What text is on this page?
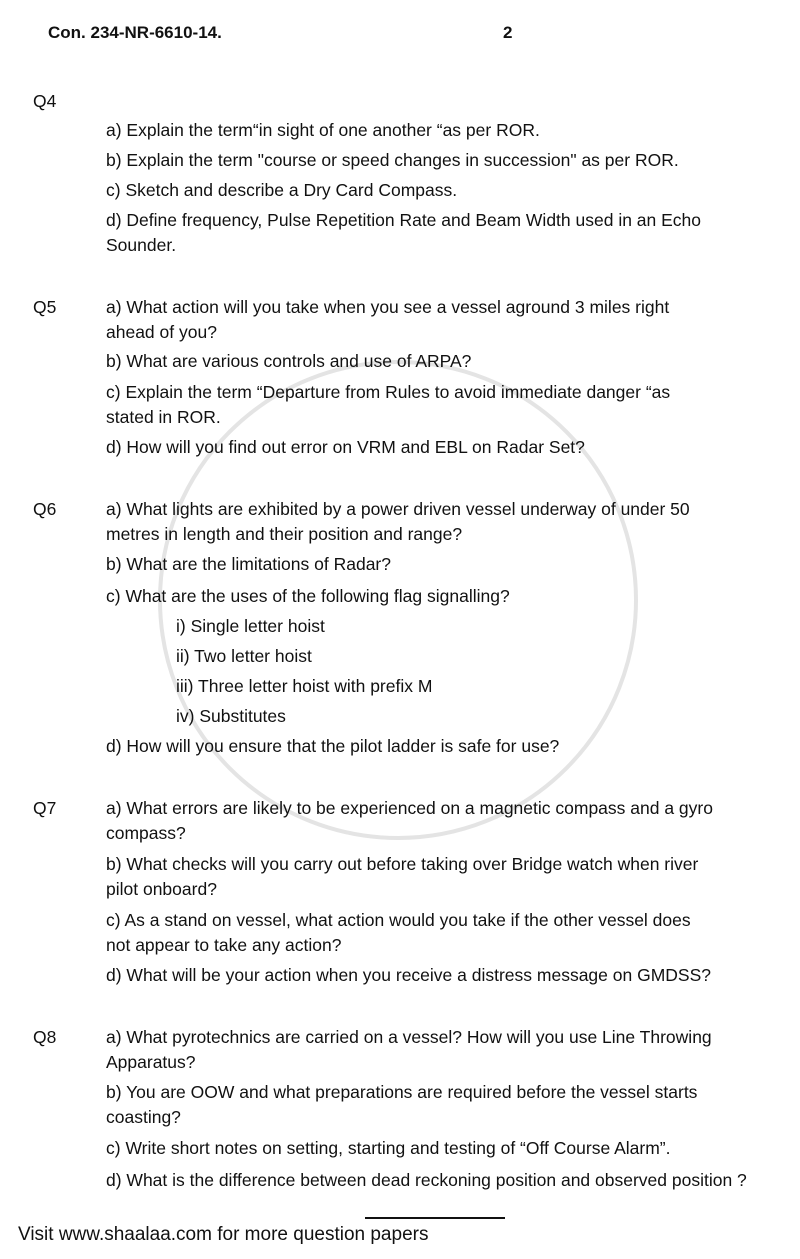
Con. 234-NR-6610-14.	2
Q4
a) Explain the term“in sight of one another “as per ROR.
b) Explain the term "course or speed changes in succession" as per ROR.
c) Sketch and describe a Dry Card Compass.
d) Define frequency, Pulse Repetition Rate and Beam Width used in an Echo
Sounder.
Q5	a) What action will you take when you see a vessel aground 3 miles right
ahead of you?
b) What are various controls and use of ARPA?
c) Explain the term “Departure from Rules to avoid immediate danger “as
stated in ROR.
d) How will you find out error on VRM and EBL on Radar Set?
Q6	a) What lights are exhibited by a power driven vessel underway of under 50
metres in length and their position and range?
b) What are the limitations of Radar?
c) What are the uses of the following flag signalling?
i) Single letter hoist
ii) Two letter hoist
iii) Three letter hoist with prefix M
iv) Substitutes
d) How will you ensure that the pilot ladder is safe for use?
Q7	a) What errors are likely to be experienced on a magnetic compass and a gyro
compass?
b) What checks will you carry out before taking over Bridge watch when river
pilot onboard?
c) As a stand on vessel, what action would you take if the other vessel does
not appear to take any action?
d) What will be your action when you receive a distress message on GMDSS?
Q8	a) What pyrotechnics are carried on a vessel? How will you use Line Throwing
Apparatus?
b) You are OOW and what preparations are required before the vessel starts
coasting?
c) Write short notes on setting, starting and testing of “Off Course Alarm”.
d) What is the difference between dead reckoning position and observed position ?
Visit www.shaalaa.com for more question papers
